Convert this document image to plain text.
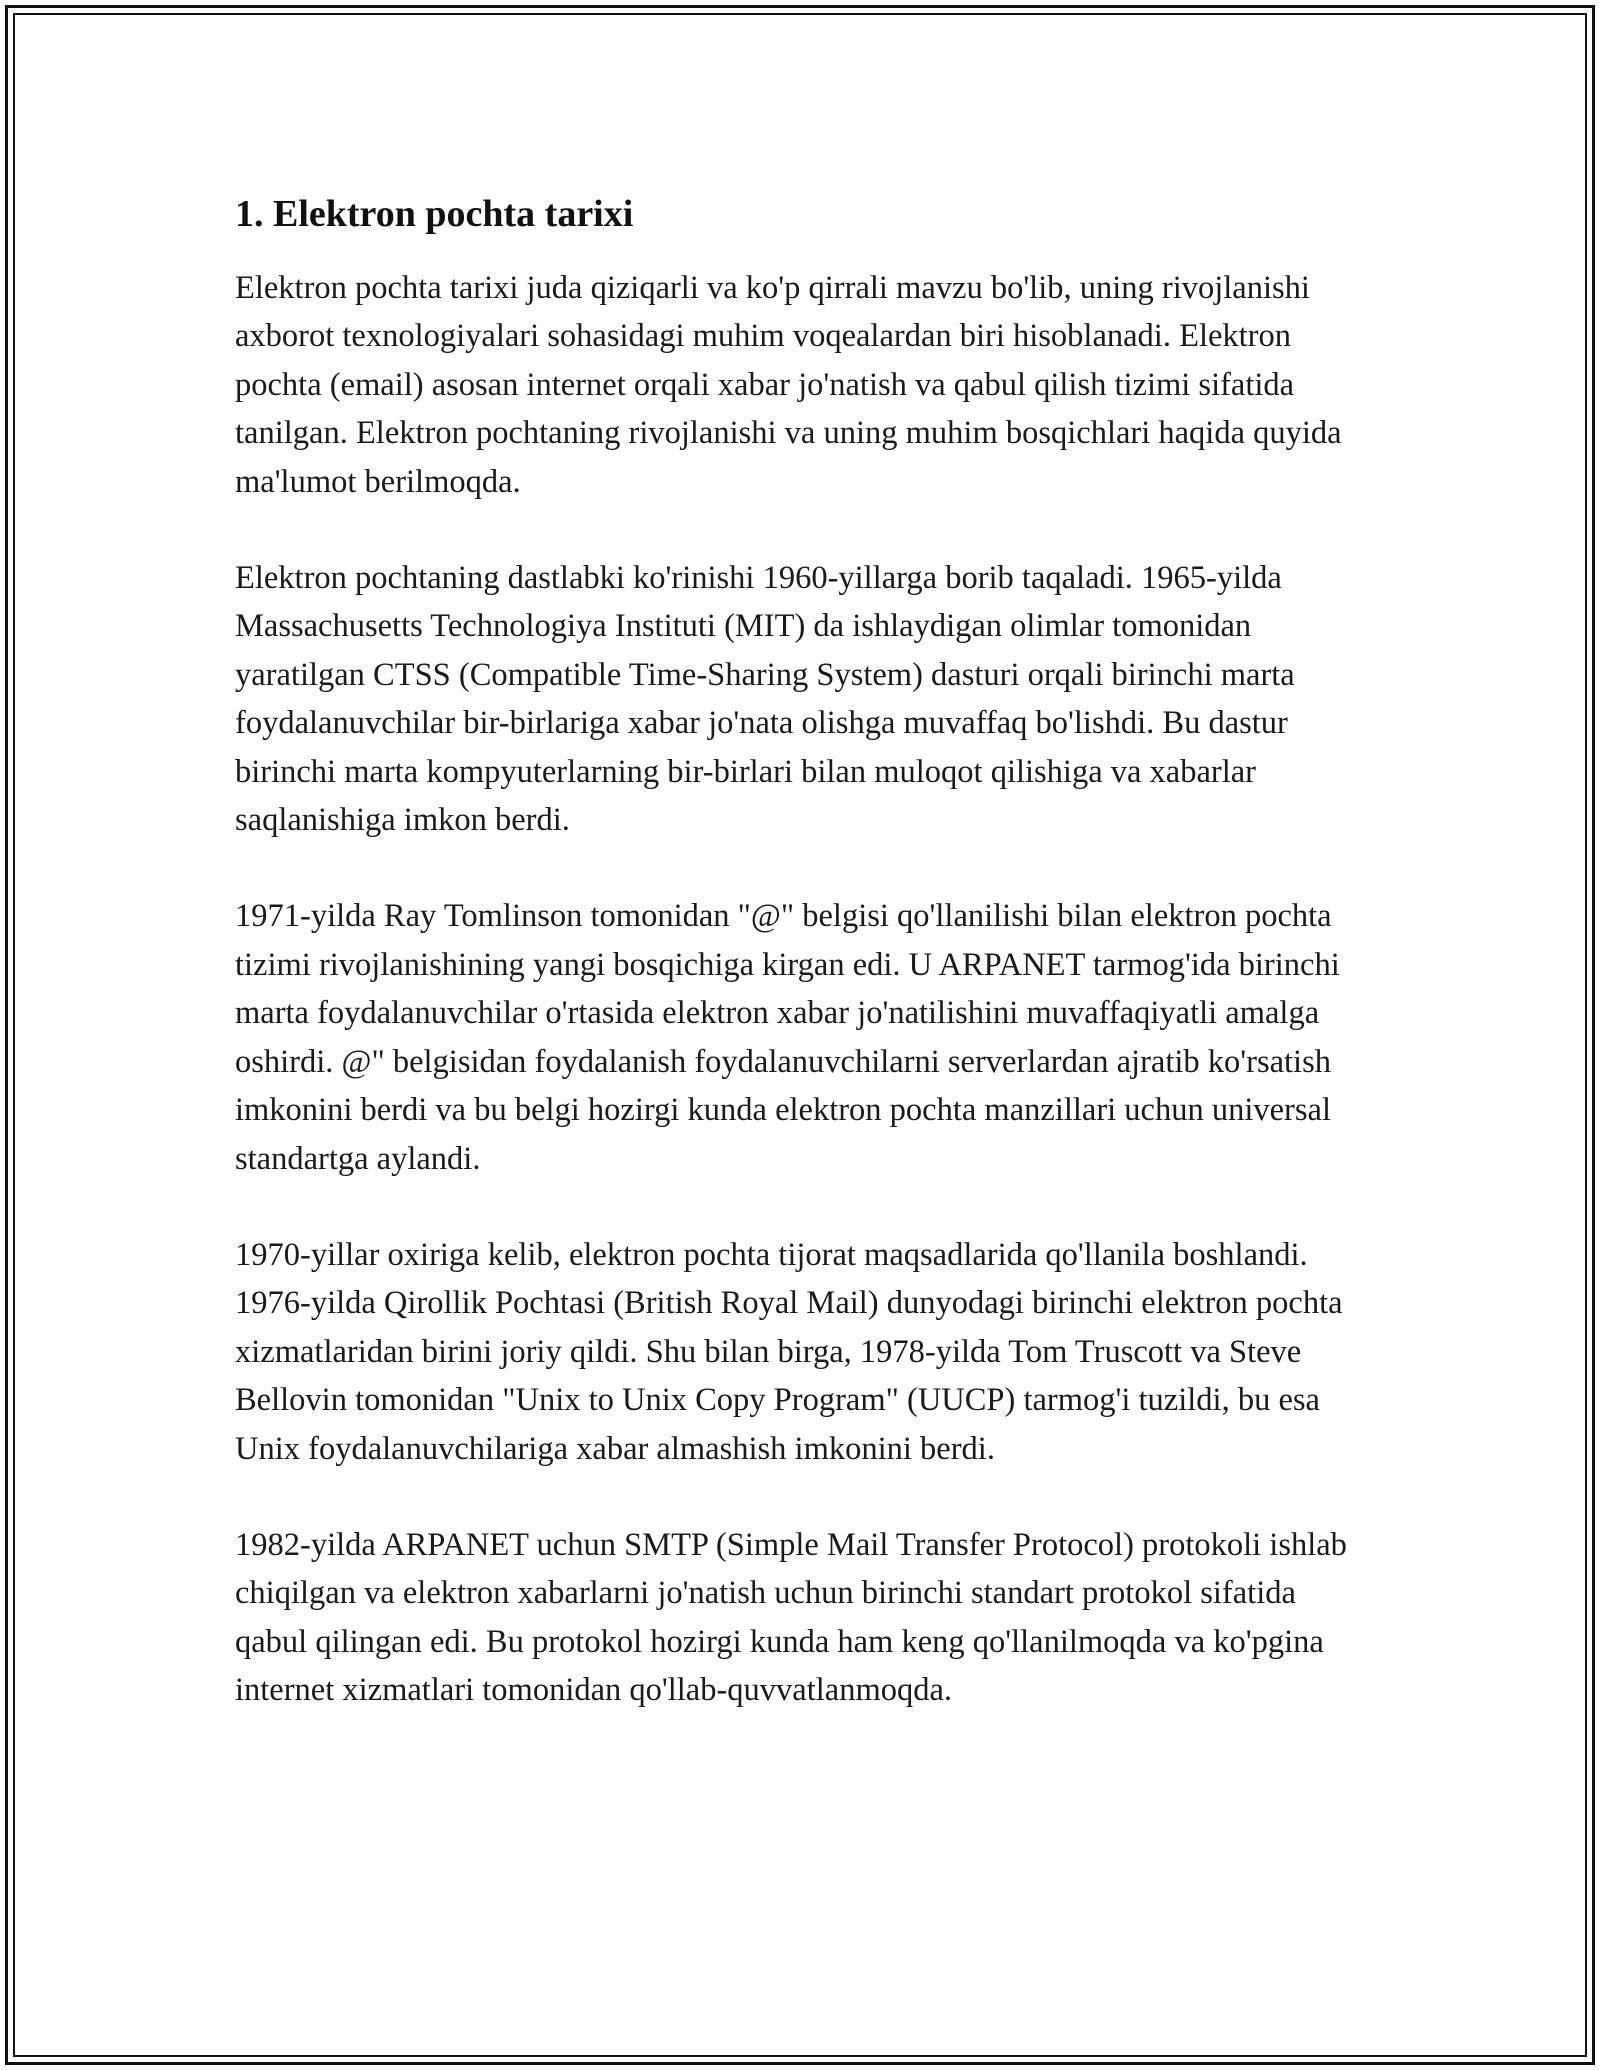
1. Elektron pochta tarixi

Elektron pochta tarixi juda qiziqarli va ko'p qirrali mavzu bo'lib, uning rivojlanishi axborot texnologiyalari sohasidagi muhim voqealardan biri hisoblanadi. Elektron pochta (email) asosan internet orqali xabar jo'natish va qabul qilish tizimi sifatida tanilgan. Elektron pochtaning rivojlanishi va uning muhim bosqichlari haqida quyida ma'lumot berilmoqda.

Elektron pochtaning dastlabki ko'rinishi 1960-yillarga borib taqaladi. 1965-yilda Massachusetts Technologiya Instituti (MIT) da ishlaydigan olimlar tomonidan yaratilgan CTSS (Compatible Time-Sharing System) dasturi orqali birinchi marta foydalanuvchilar bir-birlariga xabar jo'nata olishga muvaffaq bo'lishdi. Bu dastur birinchi marta kompyuterlarning bir-birlari bilan muloqot qilishiga va xabarlar saqlanishiga imkon berdi.

1971-yilda Ray Tomlinson tomonidan "@" belgisi qo'llanilishi bilan elektron pochta tizimi rivojlanishining yangi bosqichiga kirgan edi. U ARPANET tarmog'ida birinchi marta foydalanuvchilar o'rtasida elektron xabar jo'natilishini muvaffaqiyatli amalga oshirdi. @" belgisidan foydalanish foydalanuvchilarni serverlardan ajratib ko'rsatish imkonini berdi va bu belgi hozirgi kunda elektron pochta manzillari uchun universal standartga aylandi.

1970-yillar oxiriga kelib, elektron pochta tijorat maqsadlarida qo'llanila boshlandi. 1976-yilda Qirollik Pochtasi (British Royal Mail) dunyodagi birinchi elektron pochta xizmatlaridan birini joriy qildi. Shu bilan birga, 1978-yilda Tom Truscott va Steve Bellovin tomonidan "Unix to Unix Copy Program" (UUCP) tarmog'i tuzildi, bu esa Unix foydalanuvchilariga xabar almashish imkonini berdi.

1982-yilda ARPANET uchun SMTP (Simple Mail Transfer Protocol) protokoli ishlab chiqilgan va elektron xabarlarni jo'natish uchun birinchi standart protokol sifatida qabul qilingan edi. Bu protokol hozirgi kunda ham keng qo'llanilmoqda va ko'pgina internet xizmatlari tomonidan qo'llab-quvvatlanmoqda.
